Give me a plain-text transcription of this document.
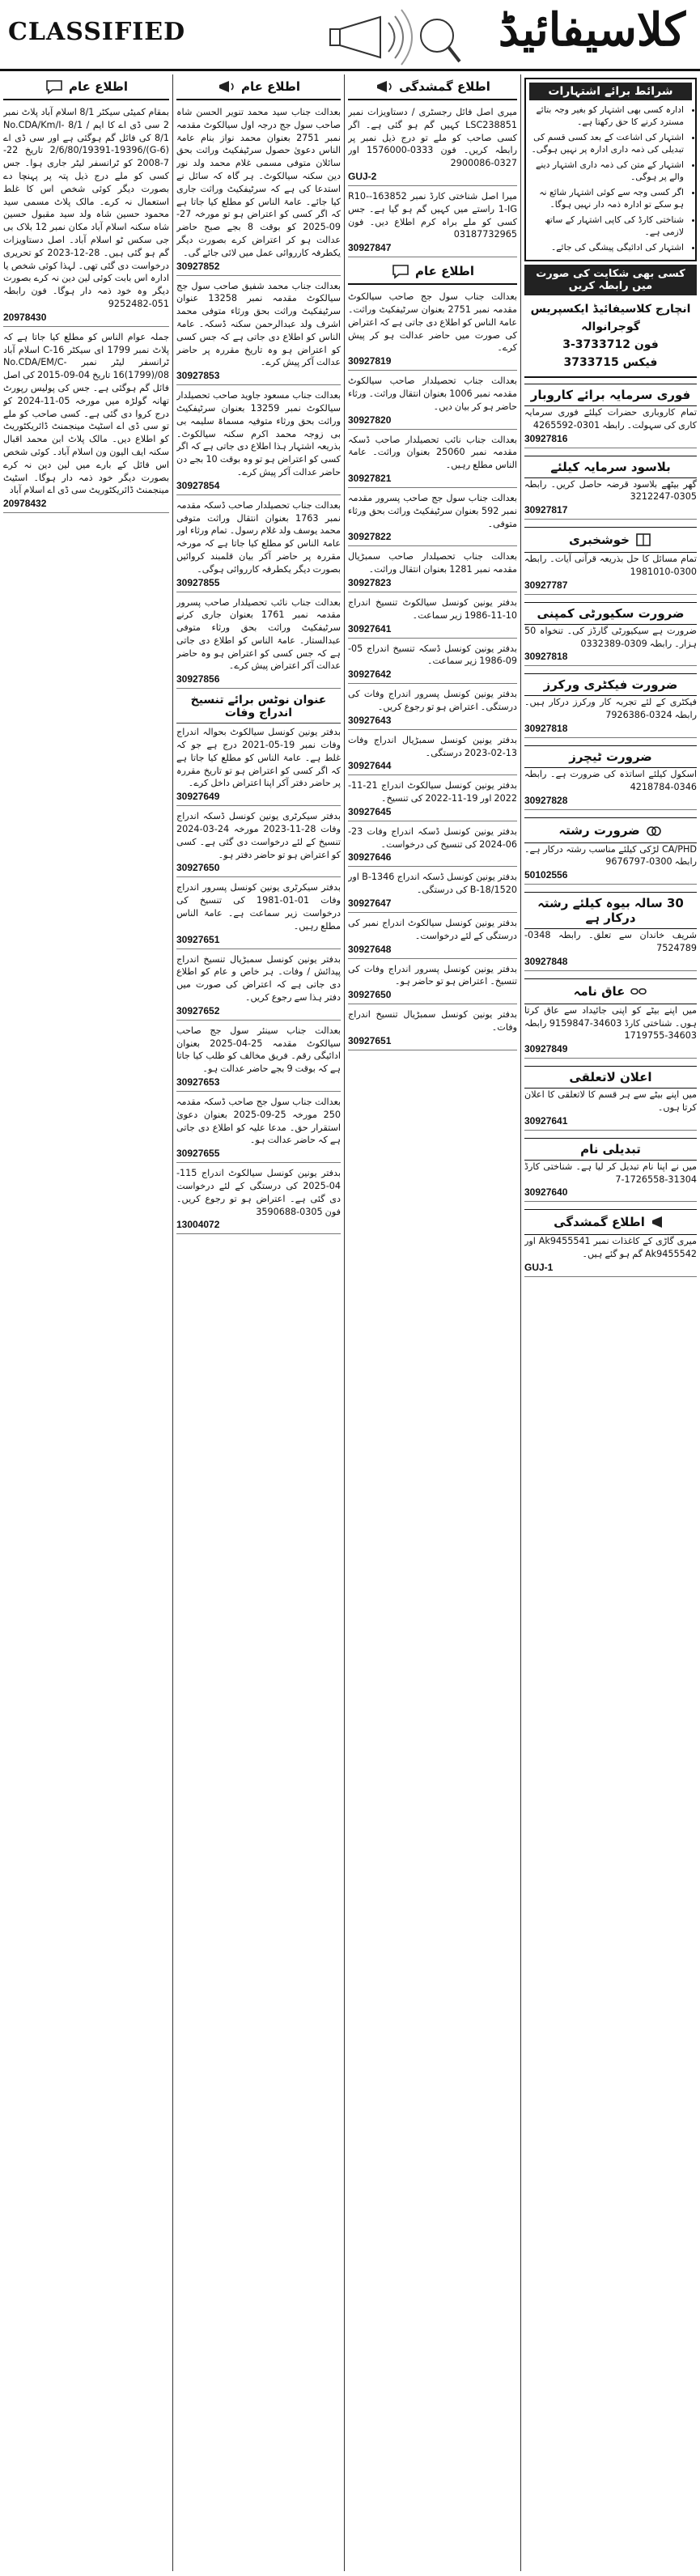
CLASSIFIED	کلاسیفائیڈ
اطلاع عام
بمقام کمیٹی سیکٹر 8/1 اسلام آباد پلاٹ نمبر 2 سی ڈی اے کا ایم / 8/1 No.CDA/Km/I-8/1 کی فائل گم ہوگئی ہے اور سی ڈی اے (G-6)/2/6/80/19391-19396 تاریخ 22-7-2008 کو ٹرانسفر لیٹر جاری ہوا۔ جس کسی کو ملے درج ذیل پتہ پر پہنچا دے بصورت دیگر کوئی شخص اس کا غلط استعمال نہ کرے۔ مالک پلاٹ مسمی سید محمود حسین شاہ ولد سید مقبول حسین شاہ سکنہ اسلام آباد مکان نمبر 12 بلاک بی جی سکس ٹو اسلام آباد۔ اصل دستاویزات گم ہو گئی ہیں۔ 28-12-2023 کو تحریری درخواست دی گئی تھی۔ لہذا کوئی شخص یا ادارہ اس بابت کوئی لین دین نہ کرے بصورت دیگر وہ خود ذمہ دار ہوگا۔ فون رابطہ 051-9252482
20978430
جملہ عوام الناس کو مطلع کیا جاتا ہے کہ پلاٹ نمبر 1799 ای سیکٹر C-16 اسلام آباد ٹرانسفر لیٹر نمبر No.CDA/EM/C-16(1799)/08 تاریخ 04-09-2015 کی اصل فائل گم ہوگئی ہے۔ جس کی پولیس رپورٹ تھانہ گولڑہ میں مورخہ 05-11-2024 کو درج کروا دی گئی ہے۔ کسی صاحب کو ملے تو سی ڈی اے اسٹیٹ مینجمنٹ ڈائریکٹوریٹ کو اطلاع دیں۔ مالک پلاٹ ابن محمد اقبال سکنہ ایف الیون ون اسلام آباد۔ کوئی شخص اس فائل کے بارے میں لین دین نہ کرے بصورت دیگر خود ذمہ دار ہوگا۔ اسٹیٹ مینجمنٹ ڈائریکٹوریٹ سی ڈی اے اسلام آباد
20978432
اطلاع عام
بعدالت جناب سید محمد تنویر الحسن شاہ صاحب سول جج درجہ اول سیالکوٹ مقدمہ نمبر 2751 بعنوان محمد نواز بنام عامۃ الناس دعویٰ حصول سرٹیفکیٹ وراثت بحق سائلان متوفی مسمی غلام محمد ولد نور دین سکنہ سیالکوٹ۔ ہر گاہ کہ سائل نے استدعا کی ہے کہ سرٹیفکیٹ وراثت جاری کیا جائے۔ عامۃ الناس کو مطلع کیا جاتا ہے کہ اگر کسی کو اعتراض ہو تو مورخہ 27-09-2025 کو بوقت 8 بجے صبح حاضر عدالت ہو کر اعتراض کرے بصورت دیگر یکطرفہ کارروائی عمل میں لائی جائے گی۔
30927852
بعدالت جناب محمد شفیق صاحب سول جج سیالکوٹ مقدمہ نمبر 13258 عنوان سرٹیفکیٹ وراثت بحق ورثاء متوفی محمد اشرف ولد عبدالرحمن سکنہ ڈسکہ۔ عامۃ الناس کو اطلاع دی جاتی ہے کہ جس کسی کو اعتراض ہو وہ تاریخ مقررہ پر حاضر عدالت آکر پیش کرے۔
30927853
بعدالت جناب مسعود جاوید صاحب تحصیلدار سیالکوٹ نمبر 13259 بعنوان سرٹیفکیٹ وراثت بحق ورثاء متوفیہ مسماۃ سلیمہ بی بی زوجہ محمد اکرم سکنہ سیالکوٹ۔ بذریعہ اشتہار ہذا اطلاع دی جاتی ہے کہ اگر کسی کو اعتراض ہو تو وہ بوقت 10 بجے دن حاضر عدالت آکر پیش کرے۔
30927854
بعدالت جناب تحصیلدار صاحب ڈسکہ مقدمہ نمبر 1763 بعنوان انتقال وراثت متوفی محمد یوسف ولد غلام رسول۔ تمام ورثاء اور عامۃ الناس کو مطلع کیا جاتا ہے کہ مورخہ مقررہ پر حاضر آکر بیان قلمبند کروائیں بصورت دیگر یکطرفہ کارروائی ہوگی۔
30927855
بعدالت جناب نائب تحصیلدار صاحب پسرور مقدمہ نمبر 1761 بعنوان جاری کرنے سرٹیفکیٹ وراثت بحق ورثاء متوفی عبدالستار۔ عامۃ الناس کو اطلاع دی جاتی ہے کہ جس کسی کو اعتراض ہو وہ حاضر عدالت آکر اعتراض پیش کرے۔
30927856
عنوان نوٹس برائے تنسیخ اندراج وفات
بدفتر یونین کونسل سیالکوٹ بحوالہ اندراج وفات نمبر 19-05-2021 درج ہے جو کہ غلط ہے۔ عامۃ الناس کو مطلع کیا جاتا ہے کہ اگر کسی کو اعتراض ہو تو تاریخ مقررہ پر حاضر دفتر آکر اپنا اعتراض داخل کرے۔
30927649
بدفتر سیکرٹری یونین کونسل ڈسکہ اندراج وفات 28-11-2023 مورخہ 24-03-2024 تنسیخ کے لئے درخواست دی گئی ہے۔ کسی کو اعتراض ہو تو حاضر دفتر ہو۔
30927650
بدفتر سیکرٹری یونین کونسل پسرور اندراج وفات 01-01-1981 کی تنسیخ کی درخواست زیر سماعت ہے۔ عامۃ الناس مطلع رہیں۔
30927651
بدفتر یونین کونسل سمبڑیال تنسیخ اندراج پیدائش / وفات۔ ہر خاص و عام کو اطلاع دی جاتی ہے کہ اعتراض کی صورت میں دفتر ہذا سے رجوع کریں۔
30927652
بعدالت جناب سینئر سول جج صاحب سیالکوٹ مقدمہ 25-04-2025 بعنوان ادائیگی رقم۔ فریق مخالف کو طلب کیا جاتا ہے کہ بوقت 9 بجے حاضر عدالت ہو۔
30927653
بعدالت جناب سول جج صاحب ڈسکہ مقدمہ 250 مورخہ 25-09-2025 بعنوان دعویٰ استقرار حق۔ مدعا علیہ کو اطلاع دی جاتی ہے کہ حاضر عدالت ہو۔
30927655
بدفتر یونین کونسل سیالکوٹ اندراج 115-04-2025 کی درستگی کے لئے درخواست دی گئی ہے۔ اعتراض ہو تو رجوع کریں۔ فون 0305-3590688
13004072
اطلاع گمشدگی
میری اصل فائل رجسٹری / دستاویزات نمبر LSC238851 کہیں گم ہو گئی ہے۔ اگر کسی صاحب کو ملے تو درج ذیل نمبر پر رابطہ کریں۔ فون 0333-1576000 اور 0327-2900086
GUJ-2
میرا اصل شناختی کارڈ نمبر 163852-R10-1-IG راستے میں کہیں گم ہو گیا ہے۔ جس کسی کو ملے براہ کرم اطلاع دیں۔ فون 03187732965
30927847
اطلاع عام
بعدالت جناب سول جج صاحب سیالکوٹ مقدمہ نمبر 2751 بعنوان سرٹیفکیٹ وراثت۔ عامۃ الناس کو اطلاع دی جاتی ہے کہ اعتراض کی صورت میں حاضر عدالت ہو کر پیش کرے۔
30927819
بعدالت جناب تحصیلدار صاحب سیالکوٹ مقدمہ نمبر 1006 بعنوان انتقال وراثت۔ ورثاء حاضر ہو کر بیان دیں۔
30927820
بعدالت جناب نائب تحصیلدار صاحب ڈسکہ مقدمہ نمبر 25060 بعنوان وراثت۔ عامۃ الناس مطلع رہیں۔
30927821
بعدالت جناب سول جج صاحب پسرور مقدمہ نمبر 592 بعنوان سرٹیفکیٹ وراثت بحق ورثاء متوفی۔
30927822
بعدالت جناب تحصیلدار صاحب سمبڑیال مقدمہ نمبر 1281 بعنوان انتقال وراثت۔
30927823
بدفتر یونین کونسل سیالکوٹ تنسیخ اندراج 10-11-1986 زیر سماعت۔
30927641
بدفتر یونین کونسل ڈسکہ تنسیخ اندراج 05-09-1986 زیر سماعت۔
30927642
بدفتر یونین کونسل پسرور اندراج وفات کی درستگی۔ اعتراض ہو تو رجوع کریں۔
30927643
بدفتر یونین کونسل سمبڑیال اندراج وفات 13-02-2023 درستگی۔
30927644
بدفتر یونین کونسل سیالکوٹ اندراج 21-11-2022 اور 19-11-2022 کی تنسیخ۔
30927645
بدفتر یونین کونسل ڈسکہ اندراج وفات 23-06-2024 کی تنسیخ کی درخواست۔
30927646
بدفتر یونین کونسل ڈسکہ اندراج B-1346 اور B-18/1520 کی درستگی۔
30927647
بدفتر یونین کونسل سیالکوٹ اندراج نمبر کی درستگی کے لئے درخواست۔
30927648
بدفتر یونین کونسل پسرور اندراج وفات کی تنسیخ۔ اعتراض ہو تو حاضر ہو۔
30927650
بدفتر یونین کونسل سمبڑیال تنسیخ اندراج وفات۔
30927651
شرائط برائے اشتہارات
• ادارہ کسی بھی اشتہار کو بغیر وجہ بتائے مسترد کرنے کا حق رکھتا ہے۔
• اشتہار کی اشاعت کے بعد کسی قسم کی تبدیلی کی ذمہ داری ادارہ پر نہیں ہوگی۔
• اشتہار کے متن کی ذمہ داری اشتہار دینے والے پر ہوگی۔
• اگر کسی وجہ سے کوئی اشتہار شائع نہ ہو سکے تو ادارہ ذمہ دار نہیں ہوگا۔
• شناختی کارڈ کی کاپی اشتہار کے ساتھ لازمی ہے۔
• اشتہار کی ادائیگی پیشگی کی جائے۔
کسی بھی شکایت کی صورت میں رابطہ کریں
انچارج کلاسیفائیڈ ایکسپریس گوجرانوالہ
فون 3733712-3
فیکس 3733715
فوری سرمایہ برائے کاروبار
تمام کاروباری حضرات کیلئے فوری سرمایہ کاری کی سہولت۔ رابطہ 0301-4265592
30927816
بلاسود سرمایہ کیلئے
گھر بیٹھے بلاسود قرضہ حاصل کریں۔ رابطہ 0305-3212247
30927817
خوشخبری
تمام مسائل کا حل بذریعہ قرآنی آیات۔ رابطہ 0300-1981010
30927787
ضرورت سکیورٹی کمپنی
ضرورت ہے سیکیورٹی گارڈز کی۔ تنخواہ 50 ہزار۔ رابطہ 0309-0332389
30927818
ضرورت فیکٹری ورکرز
فیکٹری کے لئے تجربہ کار ورکرز درکار ہیں۔ رابطہ 0324-7926386
30927818
ضرورت ٹیچرز
اسکول کیلئے اساتذہ کی ضرورت ہے۔ رابطہ 0346-4218784
30927828
ضرورت رشتہ
CA/PHD لڑکی کیلئے مناسب رشتہ درکار ہے۔ رابطہ 0300-9676797
50102556
30 سالہ بیوہ کیلئے رشتہ درکار ہے
شریف خاندان سے تعلق۔ رابطہ 0348-7524789
30927848
عاق نامہ
میں اپنے بیٹے کو اپنی جائیداد سے عاق کرتا ہوں۔ شناختی کارڈ 34603-9159847 رابطہ 34603-1719755
30927849
اعلان لاتعلقی
میں اپنے بیٹے سے ہر قسم کا لاتعلقی کا اعلان کرتا ہوں۔
30927641
تبدیلی نام
میں نے اپنا نام تبدیل کر لیا ہے۔ شناختی کارڈ 31304-1726558-7
30927640
اطلاع گمشدگی
میری گاڑی کے کاغذات نمبر Ak9455541 اور Ak9455542 گم ہو گئے ہیں۔
GUJ-1
